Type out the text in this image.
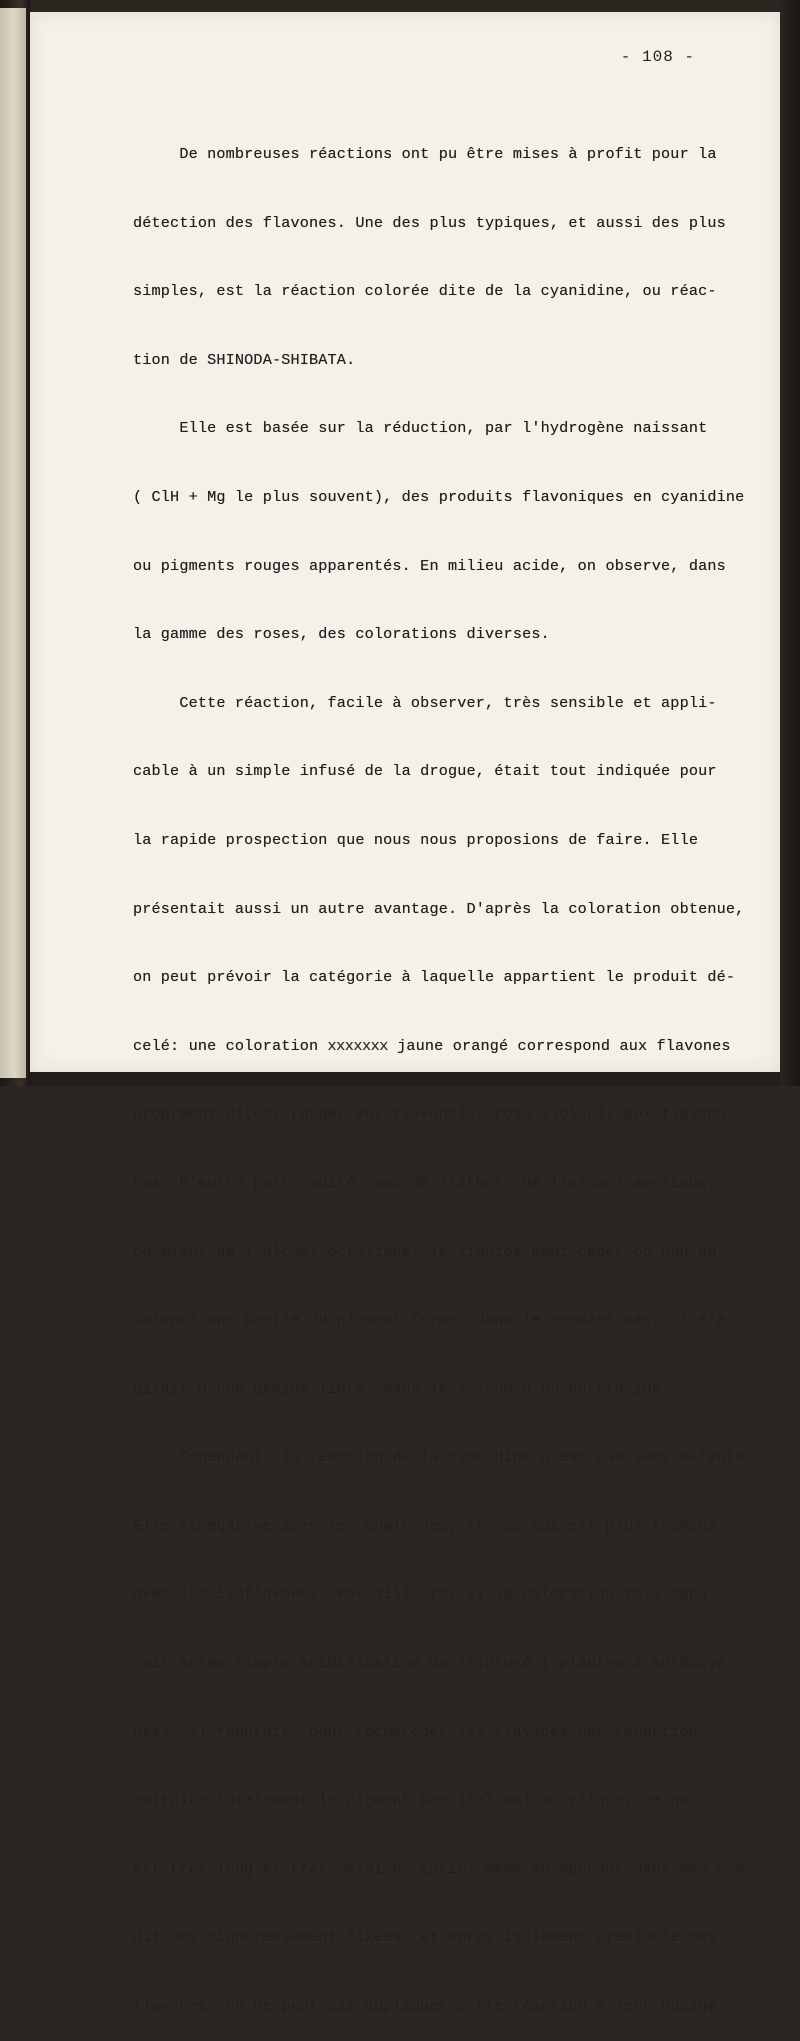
- 108 -

De nombreuses réactions ont pu être mises à profit pour la

détection des flavones. Une des plus typiques, et aussi des plus

simples, est la réaction colorée dite de la cyanidine, ou réac-

tion de SHINODA-SHIBATA.

Elle est basée sur la réduction, par l'hydrogène naissant

( ClH + Mg le plus souvent), des produits flavoniques en cyanidine

ou pigments rouges apparentés. En milieu acide, on observe, dans

la gamme des roses, des colorations diverses.

Cette réaction, facile à observer, très sensible et appli-

cable à un simple infusé de la drogue, était tout indiquée pour

la rapide prospection que nous nous proposions de faire. Elle

présentait aussi un autre avantage. D'après la coloration obtenue,

on peut prévoir la catégorie à laquelle appartient le produit dé-

celé: une coloration xxxxxxx jaune orangé correspond aux flavones

proprment dites, rouge, aux flavonols, rose violacé, aux flavano-

nes. D'autre part, agité avec de l'éther, de l'alcool amylique,

ou mieux de l'alcool octylique, le liquide peut céder ou non au

solvant une partie du pigment formé; dans le premier cas, il s'a-

girait d'une génine libre, dans le second d'un hétéroside.

Cependant, la réaction de la cyanidine n'est pas sans défauts.

Elle stnégative avec les chalcones, et, ce qui est plus fâcheux,

avec les isoflavones. Par ailleurs, si la coloration rose appa-

raît après simple acidification de l'infusé ( plantes à anthocya-

nes), il faudrait, pour rechercher les flavones par réduction,

extraire totalement le pigment par l'alcool octylique, ce qui

est très long et très malaisé. Enfin, même en opérant dans des con-

ditions rigoureusement fixées, et après isolement préalable des

flavones, on ne peut pas appliquer cette réaction à leur dosage
